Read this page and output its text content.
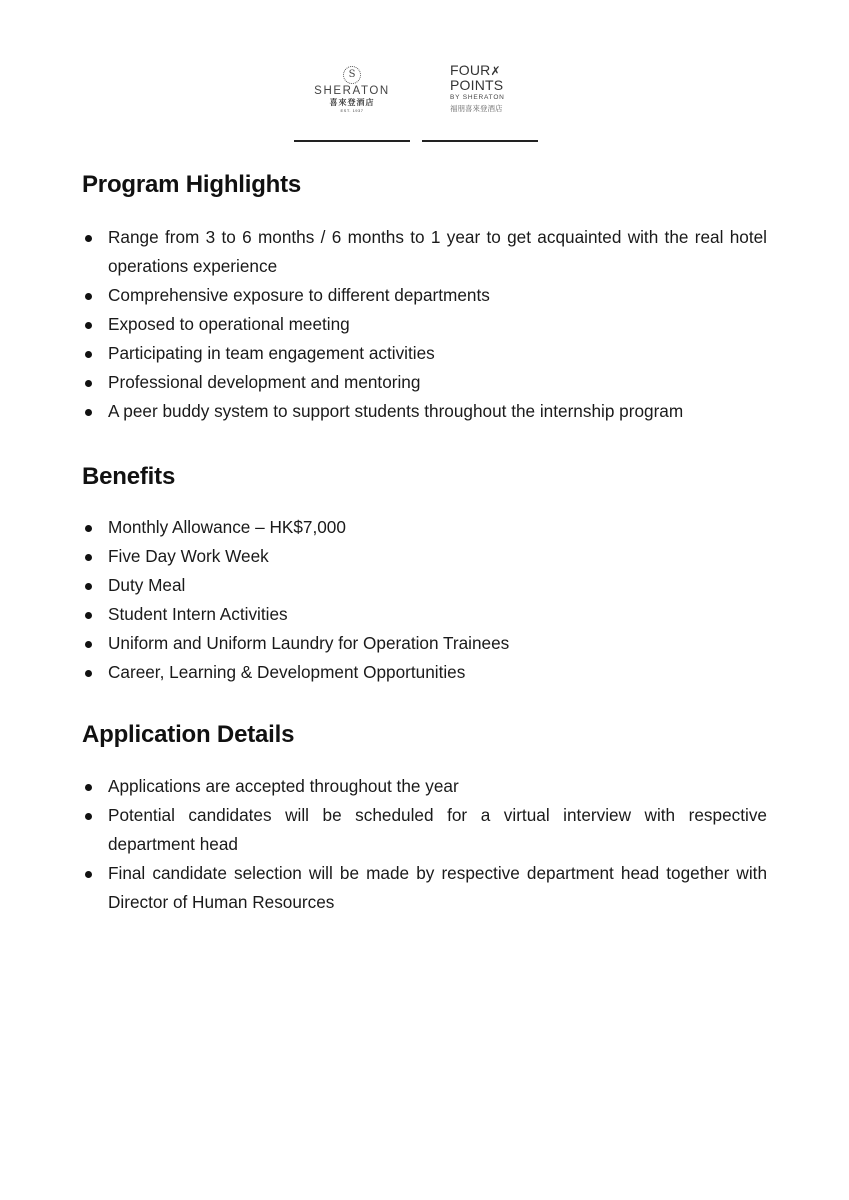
S
SHERATON
喜來登酒店
EST. 1937
FOUR✗
POINTS
BY SHERATON
福朋喜來登酒店
Program Highlights
Range from 3 to 6 months / 6 months to 1 year to get acquainted with the real hotel operations experience
Comprehensive exposure to different departments
Exposed to operational meeting
Participating in team engagement activities
Professional development and mentoring
A peer buddy system to support students throughout the internship program
Benefits
Monthly Allowance – HK$7,000
Five Day Work Week
Duty Meal
Student Intern Activities
Uniform and Uniform Laundry for Operation Trainees
Career, Learning & Development Opportunities
Application Details
Applications are accepted throughout the year
Potential candidates will be scheduled for a virtual interview with respective department head
Final candidate selection will be made by respective department head together with Director of Human Resources
